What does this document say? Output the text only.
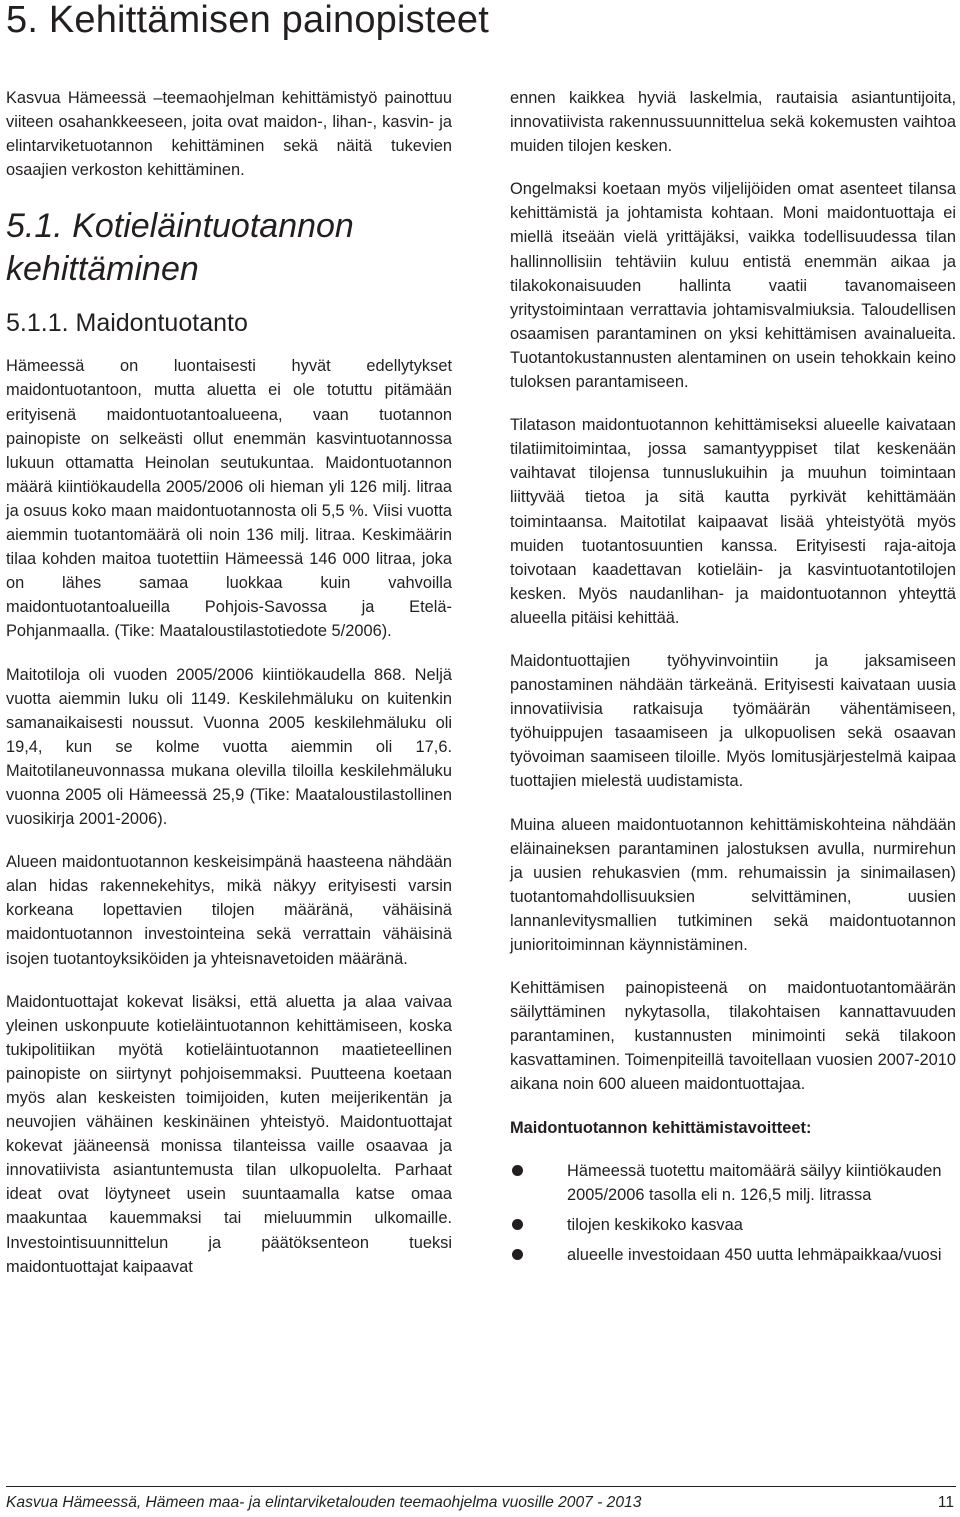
5. Kehittämisen painopisteet

Kasvua Hämeessä –teemaohjelman kehittämistyö painottuu viiteen osahankkeeseen, joita ovat maidon-, lihan-, kasvin- ja elintarviketuotannon kehittäminen sekä näitä tukevien osaajien verkoston kehittäminen.

5.1. Kotieläintuotannon kehittäminen
5.1.1. Maidontuotanto

Hämeessä on luontaisesti hyvät edellytykset maidontuotantoon, mutta aluetta ei ole totuttu pitämään erityisenä maidontuotantoalueena, vaan tuotannon painopiste on selkeästi ollut enemmän kasvintuotannossa lukuun ottamatta Heinolan seutukuntaa. Maidontuotannon määrä kiintiökaudella 2005/2006 oli hieman yli 126 milj. litraa ja osuus koko maan maidontuotannosta oli 5,5 %. Viisi vuotta aiemmin tuotantomäärä oli noin 136 milj. litraa. Keskimäärin tilaa kohden maitoa tuotettiin Hämeessä 146 000 litraa, joka on lähes samaa luokkaa kuin vahvoilla maidontuotantoalueilla Pohjois-Savossa ja Etelä-Pohjanmaalla. (Tike: Maataloustilastotiedote 5/2006).

Maitotiloja oli vuoden 2005/2006 kiintiökaudella 868. Neljä vuotta aiemmin luku oli 1149. Keskilehmäluku on kuitenkin samanaikaisesti noussut. Vuonna 2005 keskilehmäluku oli 19,4, kun se kolme vuotta aiemmin oli 17,6. Maitotilaneuvonnassa mukana olevilla tiloilla keskilehmäluku vuonna 2005 oli Hämeessä 25,9 (Tike: Maataloustilastollinen vuosikirja 2001-2006).

Alueen maidontuotannon keskeisimpänä haasteena nähdään alan hidas rakennekehitys, mikä näkyy erityisesti varsin korkeana lopettavien tilojen määränä, vähäisinä maidontuotannon investointeina sekä verrattain vähäisinä isojen tuotantoyksiköiden ja yhteisnavetoiden määränä.

Maidontuottajat kokevat lisäksi, että aluetta ja alaa vaivaa yleinen uskonpuute kotieläintuotannon kehittämiseen, koska tukipolitiikan myötä kotieläintuotannon maatieteellinen painopiste on siirtynyt pohjoisemmaksi. Puutteena koetaan myös alan keskeisten toimijoiden, kuten meijerikentän ja neuvojien vähäinen keskinäinen yhteistyö. Maidontuottajat kokevat jääneensä monissa tilanteissa vaille osaavaa ja innovatiivista asiantuntemusta tilan ulkopuolelta. Parhaat ideat ovat löytyneet usein suuntaamalla katse omaa maakuntaa kauemmaksi tai mieluummin ulkomaille. Investointisuunnittelun ja päätöksenteon tueksi maidontuottajat kaipaavat

ennen kaikkea hyviä laskelmia, rautaisia asiantuntijoita, innovatiivista rakennussuunnittelua sekä kokemusten vaihtoa muiden tilojen kesken.

Ongelmaksi koetaan myös viljelijöiden omat asenteet tilansa kehittämistä ja johtamista kohtaan. Moni maidontuottaja ei miellä itseään vielä yrittäjäksi, vaikka todellisuudessa tilan hallinnollisiin tehtäviin kuluu entistä enemmän aikaa ja tilakokonaisuuden hallinta vaatii tavanomaiseen yritystoimintaan verrattavia johtamisvalmiuksia. Taloudellisen osaamisen parantaminen on yksi kehittämisen avainalueita. Tuotantokustannusten alentaminen on usein tehokkain keino tuloksen parantamiseen.

Tilatason maidontuotannon kehittämiseksi alueelle kaivataan tilatiimitoimintaa, jossa samantyyppiset tilat keskenään vaihtavat tilojensa tunnuslukuihin ja muuhun toimintaan liittyvää tietoa ja sitä kautta pyrkivät kehittämään toimintaansa. Maitotilat kaipaavat lisää yhteistyötä myös muiden tuotantosuuntien kanssa. Erityisesti raja-aitoja toivotaan kaadettavan kotieläin- ja kasvintuotantotilojen kesken. Myös naudanlihan- ja maidontuotannon yhteyttä alueella pitäisi kehittää.

Maidontuottajien työhyvinvointiin ja jaksamiseen panostaminen nähdään tärkeänä. Erityisesti kaivataan uusia innovatiivisia ratkaisuja työmäärän vähentämiseen, työhuippujen tasaamiseen ja ulkopuolisen sekä osaavan työvoiman saamiseen tiloille. Myös lomitusjärjestelmä kaipaa tuottajien mielestä uudistamista.

Muina alueen maidontuotannon kehittämiskohteina nähdään eläinaineksen parantaminen jalostuksen avulla, nurmirehun ja uusien rehukasvien (mm. rehumaissin ja sinimailasen) tuotantomahdollisuuksien selvittäminen, uusien lannanlevitysmallien tutkiminen sekä maidontuotannon junioritoiminnan käynnistäminen.

Kehittämisen painopisteenä on maidontuotantomäärän säilyttäminen nykytasolla, tilakohtaisen kannattavuuden parantaminen, kustannusten minimointi sekä tilakoon kasvattaminen. Toimenpiteillä tavoitellaan vuosien 2007-2010 aikana noin 600 alueen maidontuottajaa.

Maidontuotannon kehittämistavoitteet:
Hämeessä tuotettu maitomäärä säilyy kiintiökauden 2005/2006 tasolla eli n. 126,5 milj. litrassa
tilojen keskikoko kasvaa
alueelle investoidaan 450 uutta lehmäpaikkaa/vuosi
Kasvua Hämeessä, Hämeen maa- ja elintarviketalouden teemaohjelma vuosille 2007 - 2013	11
